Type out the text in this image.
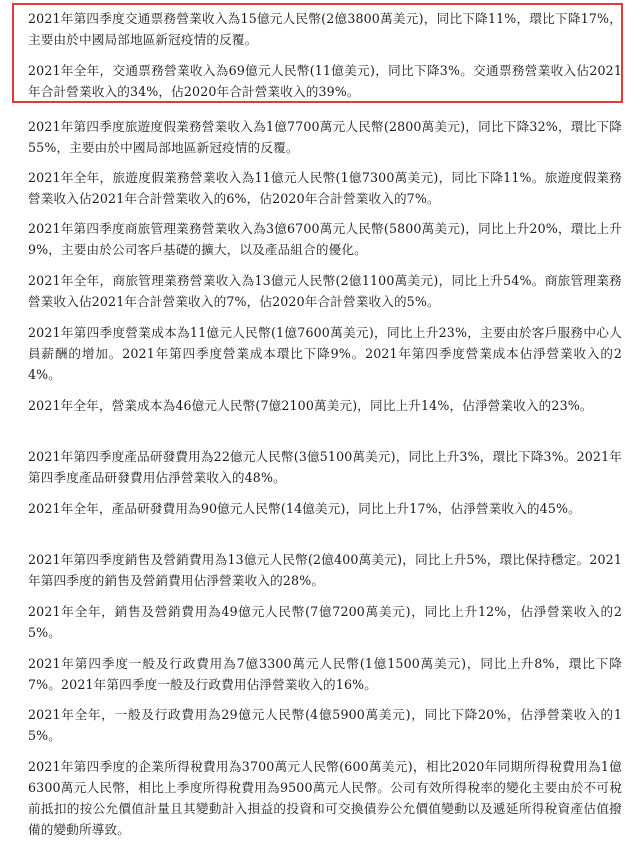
2021年第四季度交通票務營業收入為15億元人民幣(2億3800萬美元)，同比下降11%，環比下降17%，主要由於中國局部地區新冠疫情的反覆。

2021年全年，交通票務營業收入為69億元人民幣(11億美元)，同比下降3%。交通票務營業收入佔2021年合計營業收入的34%，佔2020年合計營業收入的39%。

2021年第四季度旅遊度假業務營業收入為1億7700萬元人民幣(2800萬美元)，同比下降32%，環比下降55%，主要由於中國局部地區新冠疫情的反覆。

2021年全年，旅遊度假業務營業收入為11億元人民幣(1億7300萬美元)，同比下降11%。旅遊度假業務營業收入佔2021年合計營業收入的6%，佔2020年合計營業收入的7%。

2021年第四季度商旅管理業務營業收入為3億6700萬元人民幣(5800萬美元)，同比上升20%，環比上升9%，主要由於公司客戶基礎的擴大，以及產品組合的優化。

2021年全年，商旅管理業務營業收入為13億元人民幣(2億1100萬美元)，同比上升54%。商旅管理業務營業收入佔2021年合計營業收入的7%，佔2020年合計營業收入的5%。

2021年第四季度營業成本為11億元人民幣(1億7600萬美元)，同比上升23%，主要由於客戶服務中心人員薪酬的增加。2021年第四季度營業成本環比下降9%。2021年第四季度營業成本佔淨營業收入的24%。

2021年全年，營業成本為46億元人民幣(7億2100萬美元)，同比上升14%，佔淨營業收入的23%。

2021年第四季度產品研發費用為22億元人民幣(3億5100萬美元)，同比上升3%，環比下降3%。2021年第四季度產品研發費用佔淨營業收入的48%。

2021年全年，產品研發費用為90億元人民幣(14億美元)，同比上升17%，佔淨營業收入的45%。

2021年第四季度銷售及營銷費用為13億元人民幣(2億400萬美元)，同比上升5%，環比保持穩定。2021年第四季度的銷售及營銷費用佔淨營業收入的28%。

2021年全年，銷售及營銷費用為49億元人民幣(7億7200萬美元)，同比上升12%，佔淨營業收入的25%。

2021年第四季度一般及行政費用為7億3300萬元人民幣(1億1500萬美元)，同比上升8%，環比下降7%。2021年第四季度一般及行政費用佔淨營業收入的16%。

2021年全年，一般及行政費用為29億元人民幣(4億5900萬美元)，同比下降20%，佔淨營業收入的15%。

2021年第四季度的企業所得稅費用為3700萬元人民幣(600萬美元)，相比2020年同期所得稅費用為1億6300萬元人民幣，相比上季度所得稅費用為9500萬元人民幣。公司有效所得稅率的變化主要由於不可稅前抵扣的按公允價值計量且其變動計入損益的投資和可交換債券公允價值變動以及遞延所得稅資產估值撥備的變動所導致。
